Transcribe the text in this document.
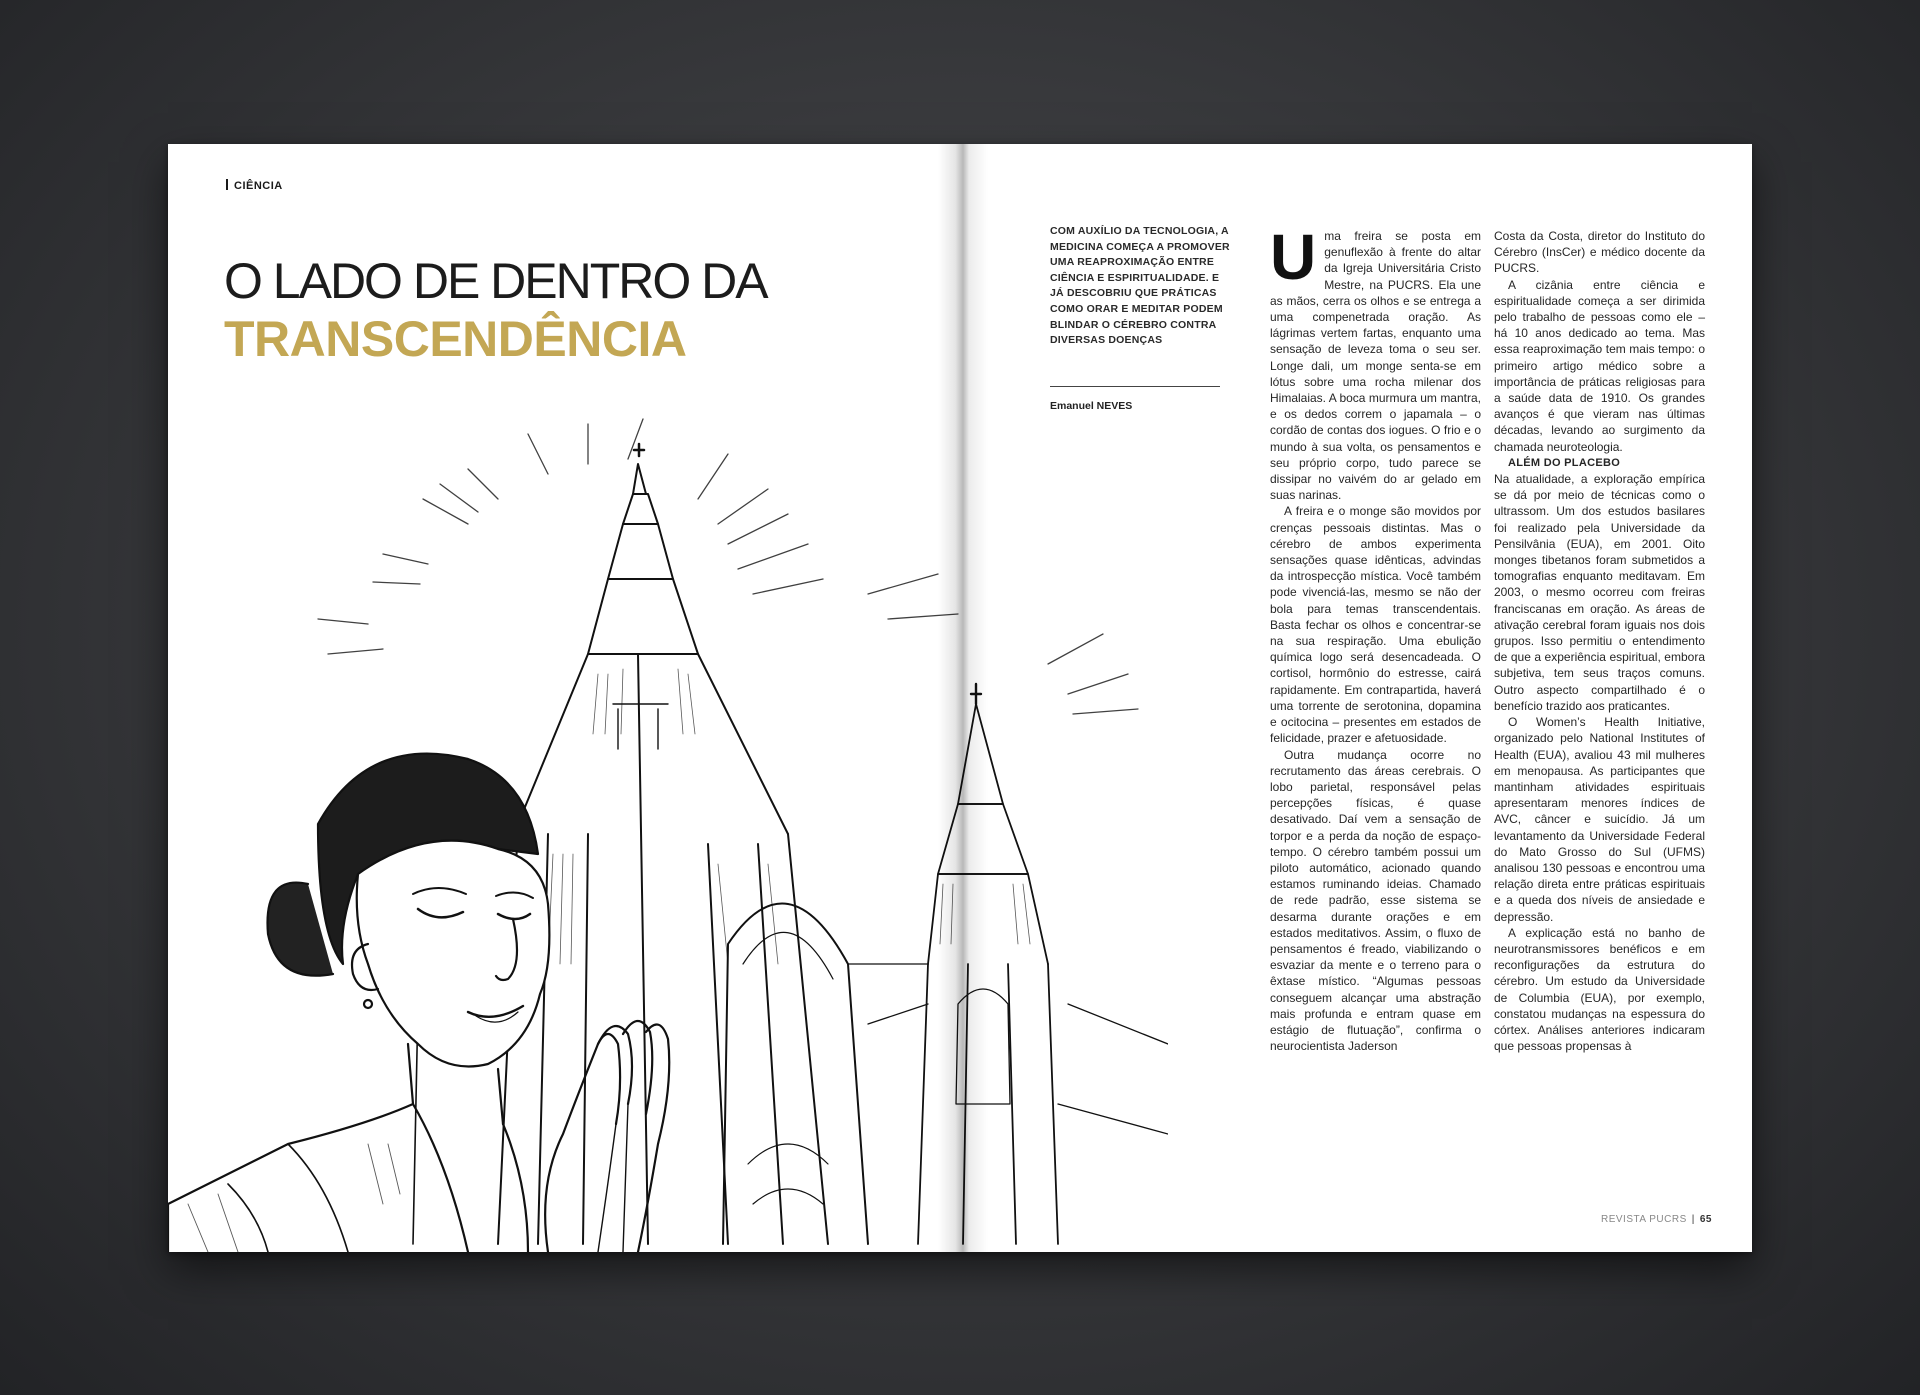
CIÊNCIA
O LADO DE DENTRO DA
TRANSCENDÊNCIA
COM AUXÍLIO DA TECNOLOGIA, A MEDICINA COMEÇA A PROMOVER UMA REAPROXIMAÇÃO ENTRE CIÊNCIA E ESPIRITUALIDADE. E JÁ DESCOBRIU QUE PRÁTICAS COMO ORAR E MEDITAR PODEM BLINDAR O CÉREBRO CONTRA DIVERSAS DOENÇAS
Emanuel NEVES

Uma freira se posta em genuflexão à frente do altar da Igreja Universitária Cristo Mestre, na PUCRS. Ela une as mãos, cerra os olhos e se entrega a uma compenetrada oração. As lágrimas vertem fartas, enquanto uma sensação de leveza toma o seu ser. Longe dali, um monge senta-se em lótus sobre uma rocha milenar dos Himalaias. A boca murmura um mantra, e os dedos correm o japamala – o cordão de contas dos iogues. O frio e o mundo à sua volta, os pensamentos e seu próprio corpo, tudo parece se dissipar no vaivém do ar gelado em suas narinas.

A freira e o monge são movidos por crenças pessoais distintas. Mas o cérebro de ambos experimenta sensações quase idênticas, advindas da introspecção mística. Você também pode vivenciá-las, mesmo se não der bola para temas transcendentais. Basta fechar os olhos e concentrar-se na sua respiração. Uma ebulição química logo será desencadeada. O cortisol, hormônio do estresse, cairá rapidamente. Em contrapartida, haverá uma torrente de serotonina, dopamina e ocitocina – presentes em estados de felicidade, prazer e afetuosidade.

Outra mudança ocorre no recrutamento das áreas cerebrais. O lobo parietal, responsável pelas percepções físicas, é quase desativado. Daí vem a sensação de torpor e a perda da noção de espaço-tempo. O cérebro também possui um piloto automático, acionado quando estamos ruminando ideias. Chamado de rede padrão, esse sistema se desarma durante orações e em estados meditativos. Assim, o fluxo de pensamentos é freado, viabilizando o esvaziar da mente e o terreno para o êxtase místico. “Algumas pessoas conseguem alcançar uma abstração mais profunda e entram quase em estágio de flutuação”, confirma o neurocientista Jaderson

Costa da Costa, diretor do Instituto do Cérebro (InsCer) e médico docente da PUCRS.

A cizânia entre ciência e espiritualidade começa a ser dirimida pelo trabalho de pessoas como ele – há 10 anos dedicado ao tema. Mas essa reaproximação tem mais tempo: o primeiro artigo médico sobre a importância de práticas religiosas para a saúde data de 1910. Os grandes avanços é que vieram nas últimas décadas, levando ao surgimento da chamada neuroteologia.

ALÉM DO PLACEBO

Na atualidade, a exploração empírica se dá por meio de técnicas como o ultrassom. Um dos estudos basilares foi realizado pela Universidade da Pensilvânia (EUA), em 2001. Oito monges tibetanos foram submetidos a tomografias enquanto meditavam. Em 2003, o mesmo ocorreu com freiras franciscanas em oração. As áreas de ativação cerebral foram iguais nos dois grupos. Isso permitiu o entendimento de que a experiência espiritual, embora subjetiva, tem seus traços comuns. Outro aspecto compartilhado é o benefício trazido aos praticantes.

O Women’s Health Initiative, organizado pelo National Institutes of Health (EUA), avaliou 43 mil mulheres em menopausa. As participantes que mantinham atividades espirituais apresentaram menores índices de AVC, câncer e suicídio. Já um levantamento da Universidade Federal do Mato Grosso do Sul (UFMS) analisou 130 pessoas e encontrou uma relação direta entre práticas espirituais e a queda dos níveis de ansiedade e depressão.

A explicação está no banho de neurotransmissores benéficos e em reconfigurações da estrutura do cérebro. Um estudo da Universidade de Columbia (EUA), por exemplo, constatou mudanças na espessura do córtex. Análises anteriores indicaram que pessoas propensas à

REVISTA PUCRS | 65
